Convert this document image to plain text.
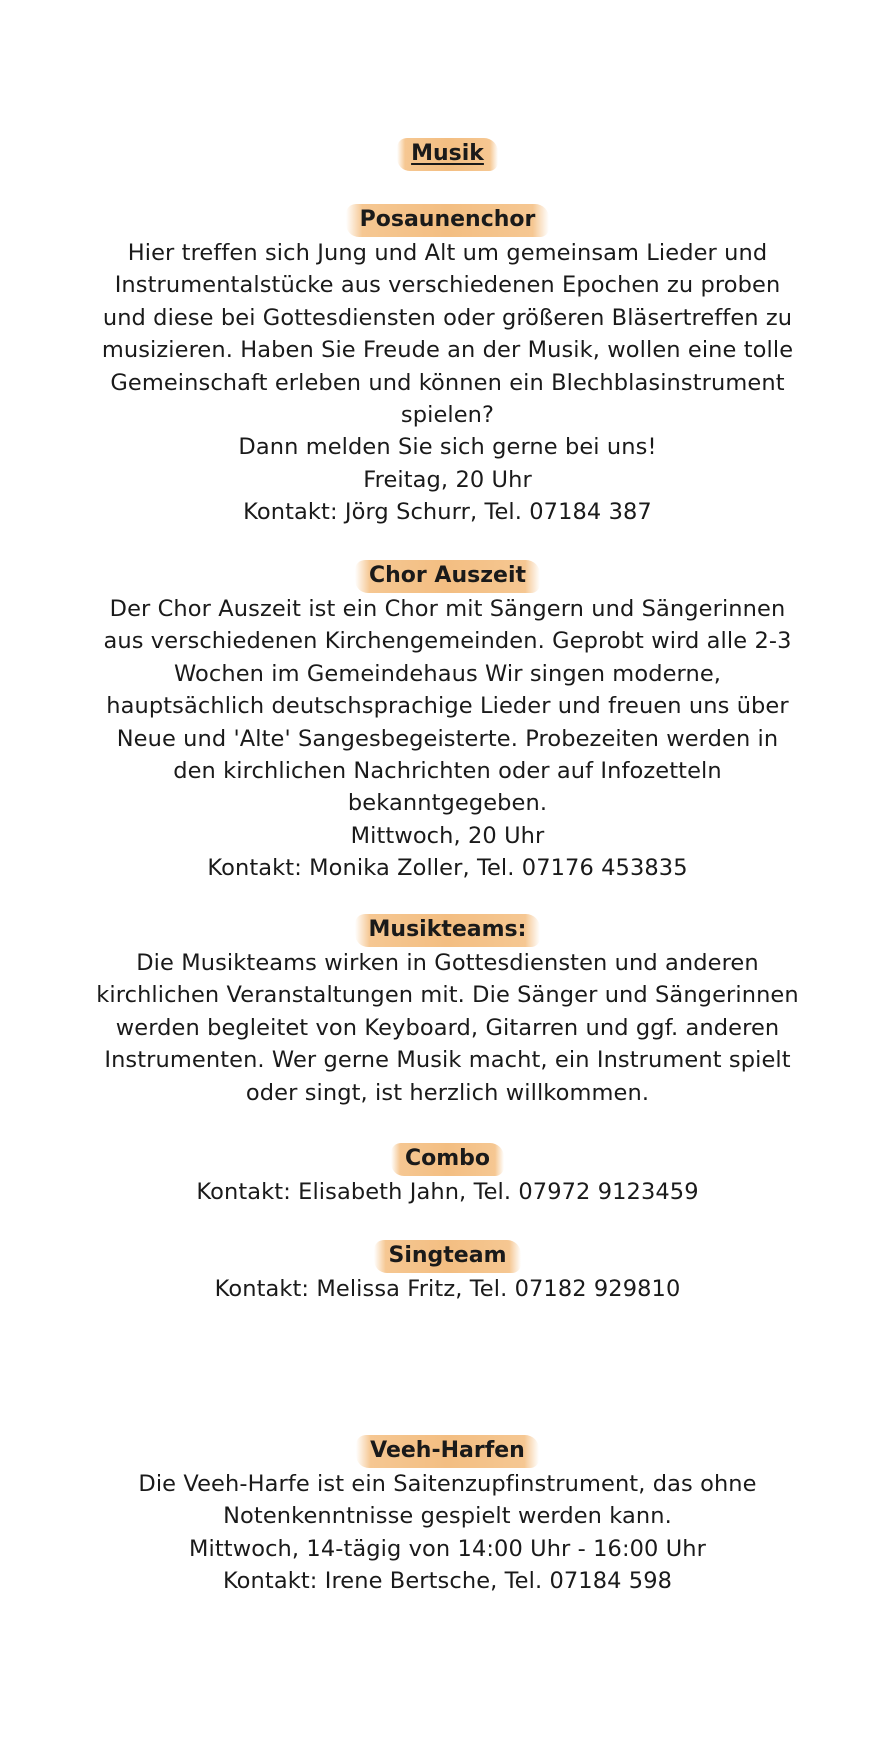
Musik
Posaunenchor
Hier treffen sich Jung und Alt um gemeinsam Lieder und
Instrumentalstücke aus verschiedenen Epochen zu proben
und diese bei Gottesdiensten oder größeren Bläsertreffen zu
musizieren. Haben Sie Freude an der Musik, wollen eine tolle
Gemeinschaft erleben und können ein Blechblasinstrument
spielen?
Dann melden Sie sich gerne bei uns!
Freitag, 20 Uhr
Kontakt: Jörg Schurr, Tel. 07184 387
Chor Auszeit
Der Chor Auszeit ist ein Chor mit Sängern und Sängerinnen
aus verschiedenen Kirchengemeinden. Geprobt wird alle 2-3
Wochen im Gemeindehaus Wir singen moderne,
hauptsächlich deutschsprachige Lieder und freuen uns über
Neue und 'Alte' Sangesbegeisterte. Probezeiten werden in
den kirchlichen Nachrichten oder auf Infozetteln
bekanntgegeben.
Mittwoch, 20 Uhr
Kontakt: Monika Zoller, Tel. 07176 453835
Musikteams:
Die Musikteams wirken in Gottesdiensten und anderen
kirchlichen Veranstaltungen mit. Die Sänger und Sängerinnen
werden begleitet von Keyboard, Gitarren und ggf. anderen
Instrumenten. Wer gerne Musik macht, ein Instrument spielt
oder singt, ist herzlich willkommen.
Combo
Kontakt: Elisabeth Jahn, Tel. 07972 9123459
Singteam
Kontakt: Melissa Fritz, Tel. 07182 929810
Veeh-Harfen
Die Veeh-Harfe ist ein Saitenzupfinstrument, das ohne
Notenkenntnisse gespielt werden kann.
Mittwoch, 14-tägig von 14:00 Uhr - 16:00 Uhr
Kontakt: Irene Bertsche, Tel. 07184 598
